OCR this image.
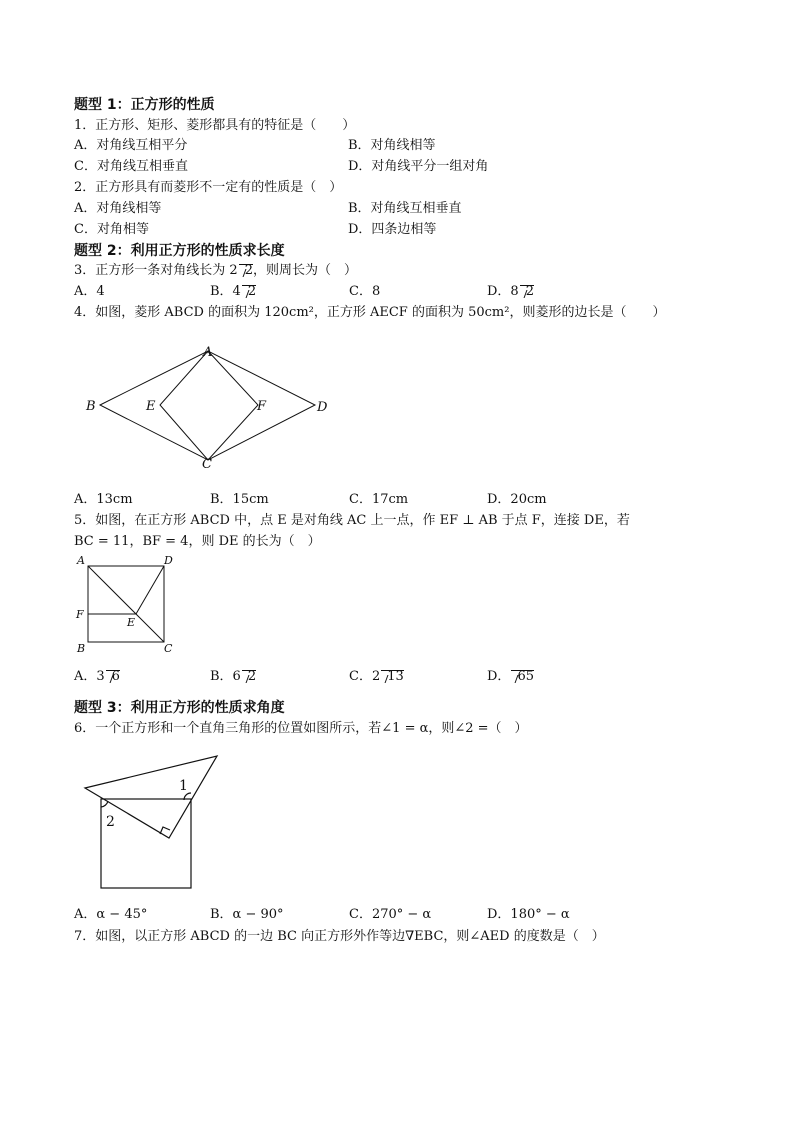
题型 1：正方形的性质
1．正方形、矩形、菱形都具有的特征是（　　）
A．对角线互相平分	B．对角线相等
C．对角线互相垂直	D．对角线平分一组对角
2．正方形具有而菱形不一定有的性质是（　）
A．对角线相等	B．对角线互相垂直
C．对角相等	D．四条边相等
题型 2：利用正方形的性质求长度
3．正方形一条对角线长为 2 2，则周长为（　）
A．4	B．4 2	C．8	D．8 2
4．如图，菱形 ABCD 的面积为 120cm²，正方形 AECF 的面积为 50cm²，则菱形的边长是（　　）
A
B
C
D
E	F
A．13cm	B．15cm	C．17cm	D．20cm
5．如图，在正方形 ABCD 中，点 E 是对角线 AC 上一点，作 EF ⊥ AB 于点 F，连接 DE，若
BC = 11，BF = 4，则 DE 的长为（　）
A	D
F
E
B	C
A．3 6	B．6 2	C．2 13	D． 65
题型 3：利用正方形的性质求角度
6．一个正方形和一个直角三角形的位置如图所示，若∠1 = α，则∠2 =（　）
1
2
A．α − 45°	B．α − 90°	C．270° − α	D．180° − α
7．如图，以正方形 ABCD 的一边 BC 向正方形外作等边∇EBC，则∠AED 的度数是（　）
